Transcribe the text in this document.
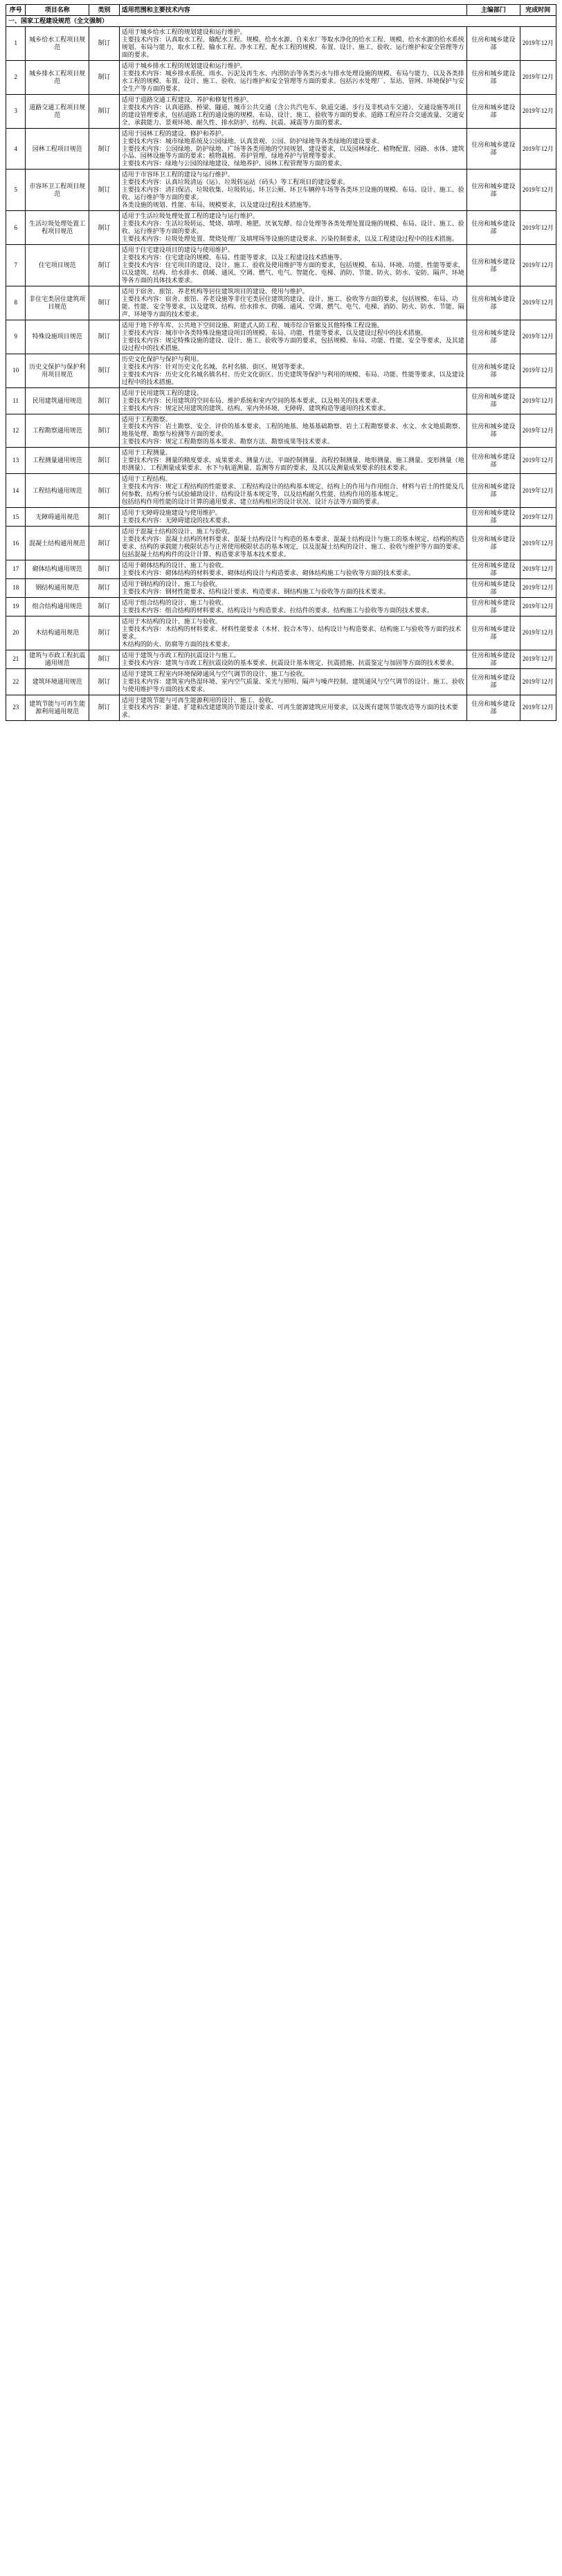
序号	项目名称	类别	适用范围和主要技术内容	主编部门	完成时间
一、国家工程建设规范（全文强制）					
1	城乡给水工程项目规范	制订	适用于城乡给水工程的规划建设和运行维护。

主要技术内容：认真取水工程、输配水工程。规模、给水水源、自来水厂等取水净化的给水工程、规模、给水水源的给水系统规划、布局与能力，取水工程、输水工程、净水工程、配水工程的规模、布置、设计、施工、验收、运行维护和安全管理等方面的要求。	住房和城乡建设部	2019年12月
2	城乡排水工程项目规范	制订	适用于城乡排水工程的规划建设和运行维护。

主要技术内容：城乡排水系统、雨水、污泥及再生水、内涝防治等各类污水与排水处理设施的规模、布局与能力，以及各类排水工程的规模、布置、设计、施工、验收、运行维护和安全管理等方面的要求。包括污水处理厂、泵站、管网、环境保护与安全生产等方面的要求。	住房和城乡建设部	2019年12月
3	道路交通工程项目规范	制订	适用于道路交通工程建设、养护和修复性维护。

主要技术内容：认真道路、桥梁、隧道、城市公共交通（含公共汽电车、轨道交通、步行及非机动车交通）、交通设施等项目的建设管理要求，包括道路工程的通设施的规模、布局、设计、施工、验收等方面的要求。道路工程应符合交通流量、交通安全、承载能力、景观环境、耐久性、排水防护、结构、抗震、减震等方面的要求。	住房和城乡建设部	2019年12月
4	园林工程项目规范	制订	适用于园林工程的建设、修护和养护。

主要技术内容：城市绿地系统及公园绿地、认真景观、公园、防护绿地等各类绿地的建设要求。

主要技术内容：公园绿地、防护绿地、广场等各类用地的空间规划、建设要求，以及园林绿化、植物配置、园路、水体、建筑小品、园林设施等方面的要求；植物栽植、养护管理、绿地养护与管理等要求。

主要技术内容：绿地与公园的绿地建设、绿地养护、园林工程管理等方面的要求。	住房和城乡建设部	2019年12月
5	市容环卫工程项目规范	制订	适用于市容环卫工程的建设与运行维护。

主要技术内容：认真垃圾清运（运）、垃圾转运站（码头）等工程项目的建设要求。

主要技术内容：清扫保洁、垃圾收集、垃圾转运、环卫公厕、环卫车辆停车场等各类环卫设施的规模、布局、设计、施工、验收、运行维护等方面的要求。

各类设施的规划、性能、布局、规模要求，以及建设过程技术措施等。	住房和城乡建设部	2019年12月
6	生活垃圾处理处置工程项目规范	制订	适用于生活垃圾处理处置工程的建设与运行维护。

主要技术内容：生活垃圾转运、焚烧、填埋、堆肥、厌氧发酵、综合处理等各类处理处置设施的规模、布局、设计、施工、验收、运行维护等方面的要求。

主要技术内容：垃圾处理处置、焚烧处理厂及填埋场等设施的建设要求、污染控制要求，以及工程建设过程中的技术措施。	住房和城乡建设部	2019年12月
7	住宅项目规范	制订	适用于住宅建设项目的建设与使用维护。

主要技术内容：住宅建设的规模、布局、性能等要求，以及工程建设技术措施等。

主要技术内容：住宅项目的建设、设计、施工、验收及使用维护等方面的要求，包括规模、布局、环境、功能、性能等要求，以及建筑、结构、给水排水、供暖、通风、空调、燃气、电气、智能化、电梯、消防、节能、防火、防水、安防、隔声、环境等各方面的具体技术要求。	住房和城乡建设部	2019年12月
8	非住宅类居住建筑项目规范	制订	适用于宿舍、旅馆、养老机构等居住建筑项目的建设、使用与维护。

主要技术内容：宿舍、旅馆、养老设施等非住宅类居住建筑的建设、设计、施工、验收等方面的要求，包括规模、布局、功能、性能、安全等要求，以及建筑、结构、给水排水、供暖、通风、空调、燃气、电气、电梯、消防、防火、防水、节能、隔声、环境等方面的技术要求。	住房和城乡建设部	2019年12月
9	特殊设施项目规范	制订	适用于地下停车库、公共地下空间设施、附建式人防工程、城市综合管廊及其他特殊工程设施。

主要技术内容：城市中各类特殊设施建设项目的规模、布局、功能、性能等要求，以及建设过程中的技术措施。

主要技术内容：规定特殊设施的建设、设计、施工、验收等方面的要求，包括规模、布局、功能、性能、安全等要求，及其建设过程中的技术措施。	住房和城乡建设部	2019年12月
10	历史文保护与保护利用项目规范	制订	历史文化保护与保护与利用。

主要技术内容：针对历史文化名城、名村名镇、街区、规划等要求。

主要技术内容：历史文化名城名镇名村、历史文化街区、历史建筑等保护与利用的规模、布局、功能、性能等要求，以及建设过程中的技术措施。	住房和城乡建设部	2019年12月
11	民用建筑通用规范	制订	适用于民用建筑工程的建设。

主要技术内容：民用建筑的空间布局、维护系统和室内空间的基本要求，以及相关的技术要求。

主要技术内容：规定民用建筑的建筑、结构、室内外环境、无障碍、建筑构造等通用的技术要求。	住房和城乡建设部	2019年12月
12	工程勘察通用规范	制订	适用于工程勘察。

主要技术内容：岩土勘察、安全、评价的基本要求、工程的地基、地基基础勘察、岩土工程勘察要求、水文、水文地质勘察、地基处理、勘察与检测等方面的要求。

主要技术内容：规定工程勘察的基本要求、勘察方法、勘察成果等技术要求。	住房和城乡建设部	2019年12月
13	工程测量通用规范	制订	适用于工程测量。

主要技术内容：测量的精度要求、成果要求、测量方法、平面控制测量、高程控制测量、地形测量、施工测量、变形测量（地形测量）、工程测量成果要求、水下与航道测量、监测等方面的要求，及其以及测量成果要求的技术要求。	住房和城乡建设部	2019年12月
14	工程结构通用规范	制订	适用于工程结构。

主要技术内容：规定工程结构的性能要求、工程结构设计的结构基本规定、结构上的作用与作用组合、材料与岩土的性能及几何参数、结构分析与试验辅助设计、结构设计基本规定等，以及结构耐久性能、结构作用的基本规定。

包括结构作用性能的设计计算的通用要求、建立结构相应的设计状况、设计方法等方面的要求。	住房和城乡建设部	2019年12月
15	无障碍通用规范	制订	适用于无障碍设施建设与使用维护。

主要技术内容：无障碍建设的技术要求。	住房和城乡建设部	2019年12月
16	混凝土结构通用规范	制订	适用于混凝土结构的设计、施工与验收。

主要技术内容：混凝土结构的材料要求、混凝土结构设计与构造的基本要求、混凝土结构设计与施工的基本规定、结构的构造要求、结构的承载能力极限状态与正常使用极限状态的基本规定，以及混凝土结构的设计、施工、验收与维护等方面的要求。

包括混凝土结构构件的设计计算、构造要求等基本技术要求。	住房和城乡建设部	2019年12月
17	砌体结构通用规范	制订	适用于砌体结构的设计、施工与验收。

主要技术内容：砌体结构的材料要求、砌体结构设计与构造要求、砌体结构施工与验收等方面的技术要求。	住房和城乡建设部	2019年12月
18	钢结构通用规范	制订	适用于钢结构的设计、施工与验收。

主要技术内容：钢材性能要求、结构设计要求、构造要求、钢结构施工与验收等方面的技术要求。	住房和城乡建设部	2019年12月
19	组合结构通用规范	制订	适用于组合结构的设计、施工与验收。

主要技术内容：组合结构的材料要求、结构设计与构造要求、拉结件的要求、结构施工与验收等方面的技术要求。	住房和城乡建设部	2019年12月
20	木结构通用规范	制订	适用于木结构的设计、施工与验收。

主要技术内容：木结构的材料要求、材料性能要求（木材、胶合木等）、结构设计与构造要求、结构施工与验收等方面的技术要求。

木结构的防火、防腐等方面的技术要求。	住房和城乡建设部	2019年12月
21	建筑与市政工程抗震通用规范	制订	适用于建筑与市政工程的抗震设计与施工。

主要技术内容：建筑与市政工程抗震设防的基本要求、抗震设计基本规定、抗震措施、抗震鉴定与加固等方面的技术要求。	住房和城乡建设部	2019年12月
22	建筑环境通用规范	制订	适用于建筑工程室内环境保障通风与空气调节的设计、施工与验收。

主要技术内容：建筑室内热湿环境、室内空气质量、采光与照明、隔声与噪声控制、建筑通风与空气调节的设计、施工、验收与使用维护等方面的技术要求。	住房和城乡建设部	2019年12月
23	建筑节能与可再生能源利用通用规范	制订	适用于建筑节能与可再生能源利用的设计、施工、验收。

主要技术内容：新建、扩建和改建建筑的节能设计要求、可再生能源建筑应用要求，以及既有建筑节能改造等方面的技术要求。	住房和城乡建设部	2019年12月
